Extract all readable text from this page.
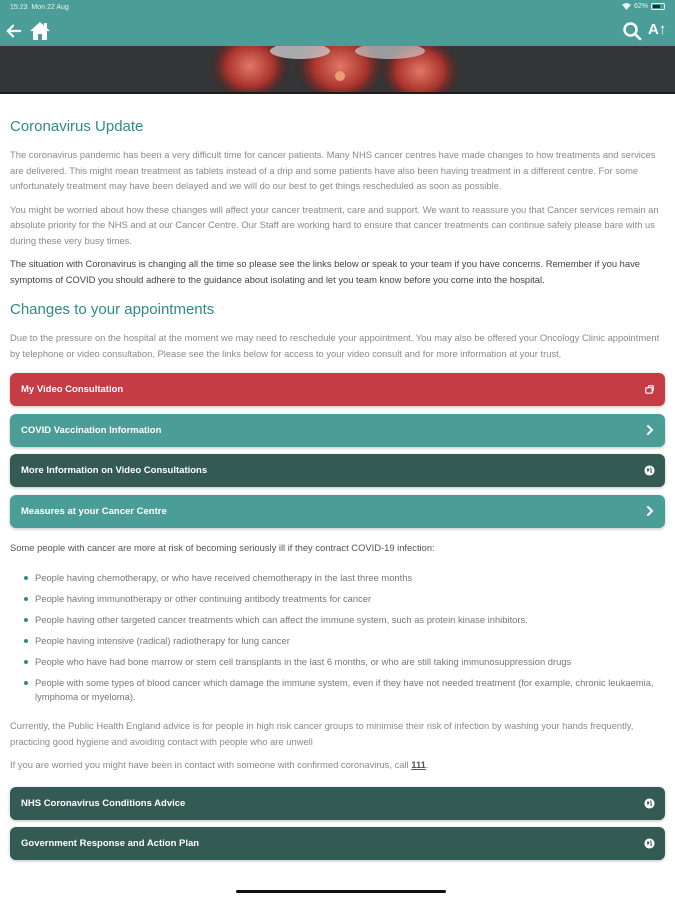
15:23 Mon 22 Aug	62%
A↑
Coronavirus Update

The coronavirus pandemic has been a very difficult time for cancer patients. Many NHS cancer centres have made changes to how treatments and services are delivered. This might mean treatment as tablets instead of a drip and some patients have also been having treatment in a different centre. For some unfortunately treatment may have been delayed and we will do our best to get things rescheduled as soon as possible.

You might be worried about how these changes will affect your cancer treatment, care and support. We want to reassure you that Cancer services remain an absolute priority for the NHS and at our Cancer Centre. Our Staff are working hard to ensure that cancer treatments can continue safely please bare with us during these very busy times.

The situation with Coronavirus is changing all the time so please see the links below or speak to your team if you have concerns. Remember if you have symptoms of COVID you should adhere to the guidance about isolating and let you team know before you come into the hospital.

Changes to your appointments

Due to the pressure on the hospital at the moment we may need to reschedule your appointment. You may also be offered your Oncology Clinic appointment by telephone or video consultation. Please see the links below for access to your video consult and for more information at your trust.

My Video Consultation
COVID Vaccination Information
More Information on Video Consultations
Measures at your Cancer Centre

Some people with cancer are more at risk of becoming seriously ill if they contract COVID-19 infection:

People having chemotherapy, or who have received chemotherapy in the last three months
People having immunotherapy or other continuing antibody treatments for cancer
People having other targeted cancer treatments which can affect the immune system, such as protein kinase inhibitors.
People having intensive (radical) radiotherapy for lung cancer
People who have had bone marrow or stem cell transplants in the last 6 months, or who are still taking immunosuppression drugs
People with some types of blood cancer which damage the immune system, even if they have not needed treatment (for example, chronic leukaemia, lymphoma or myeloma).

Currently, the Public Health England advice is for people in high risk cancer groups to minimise their risk of infection by washing your hands frequently, practicing good hygiene and avoiding contact with people who are unwell

If you are worried you might have been in contact with someone with confirmed coronavirus, call 111.

NHS Coronavirus Conditions Advice
Government Response and Action Plan
